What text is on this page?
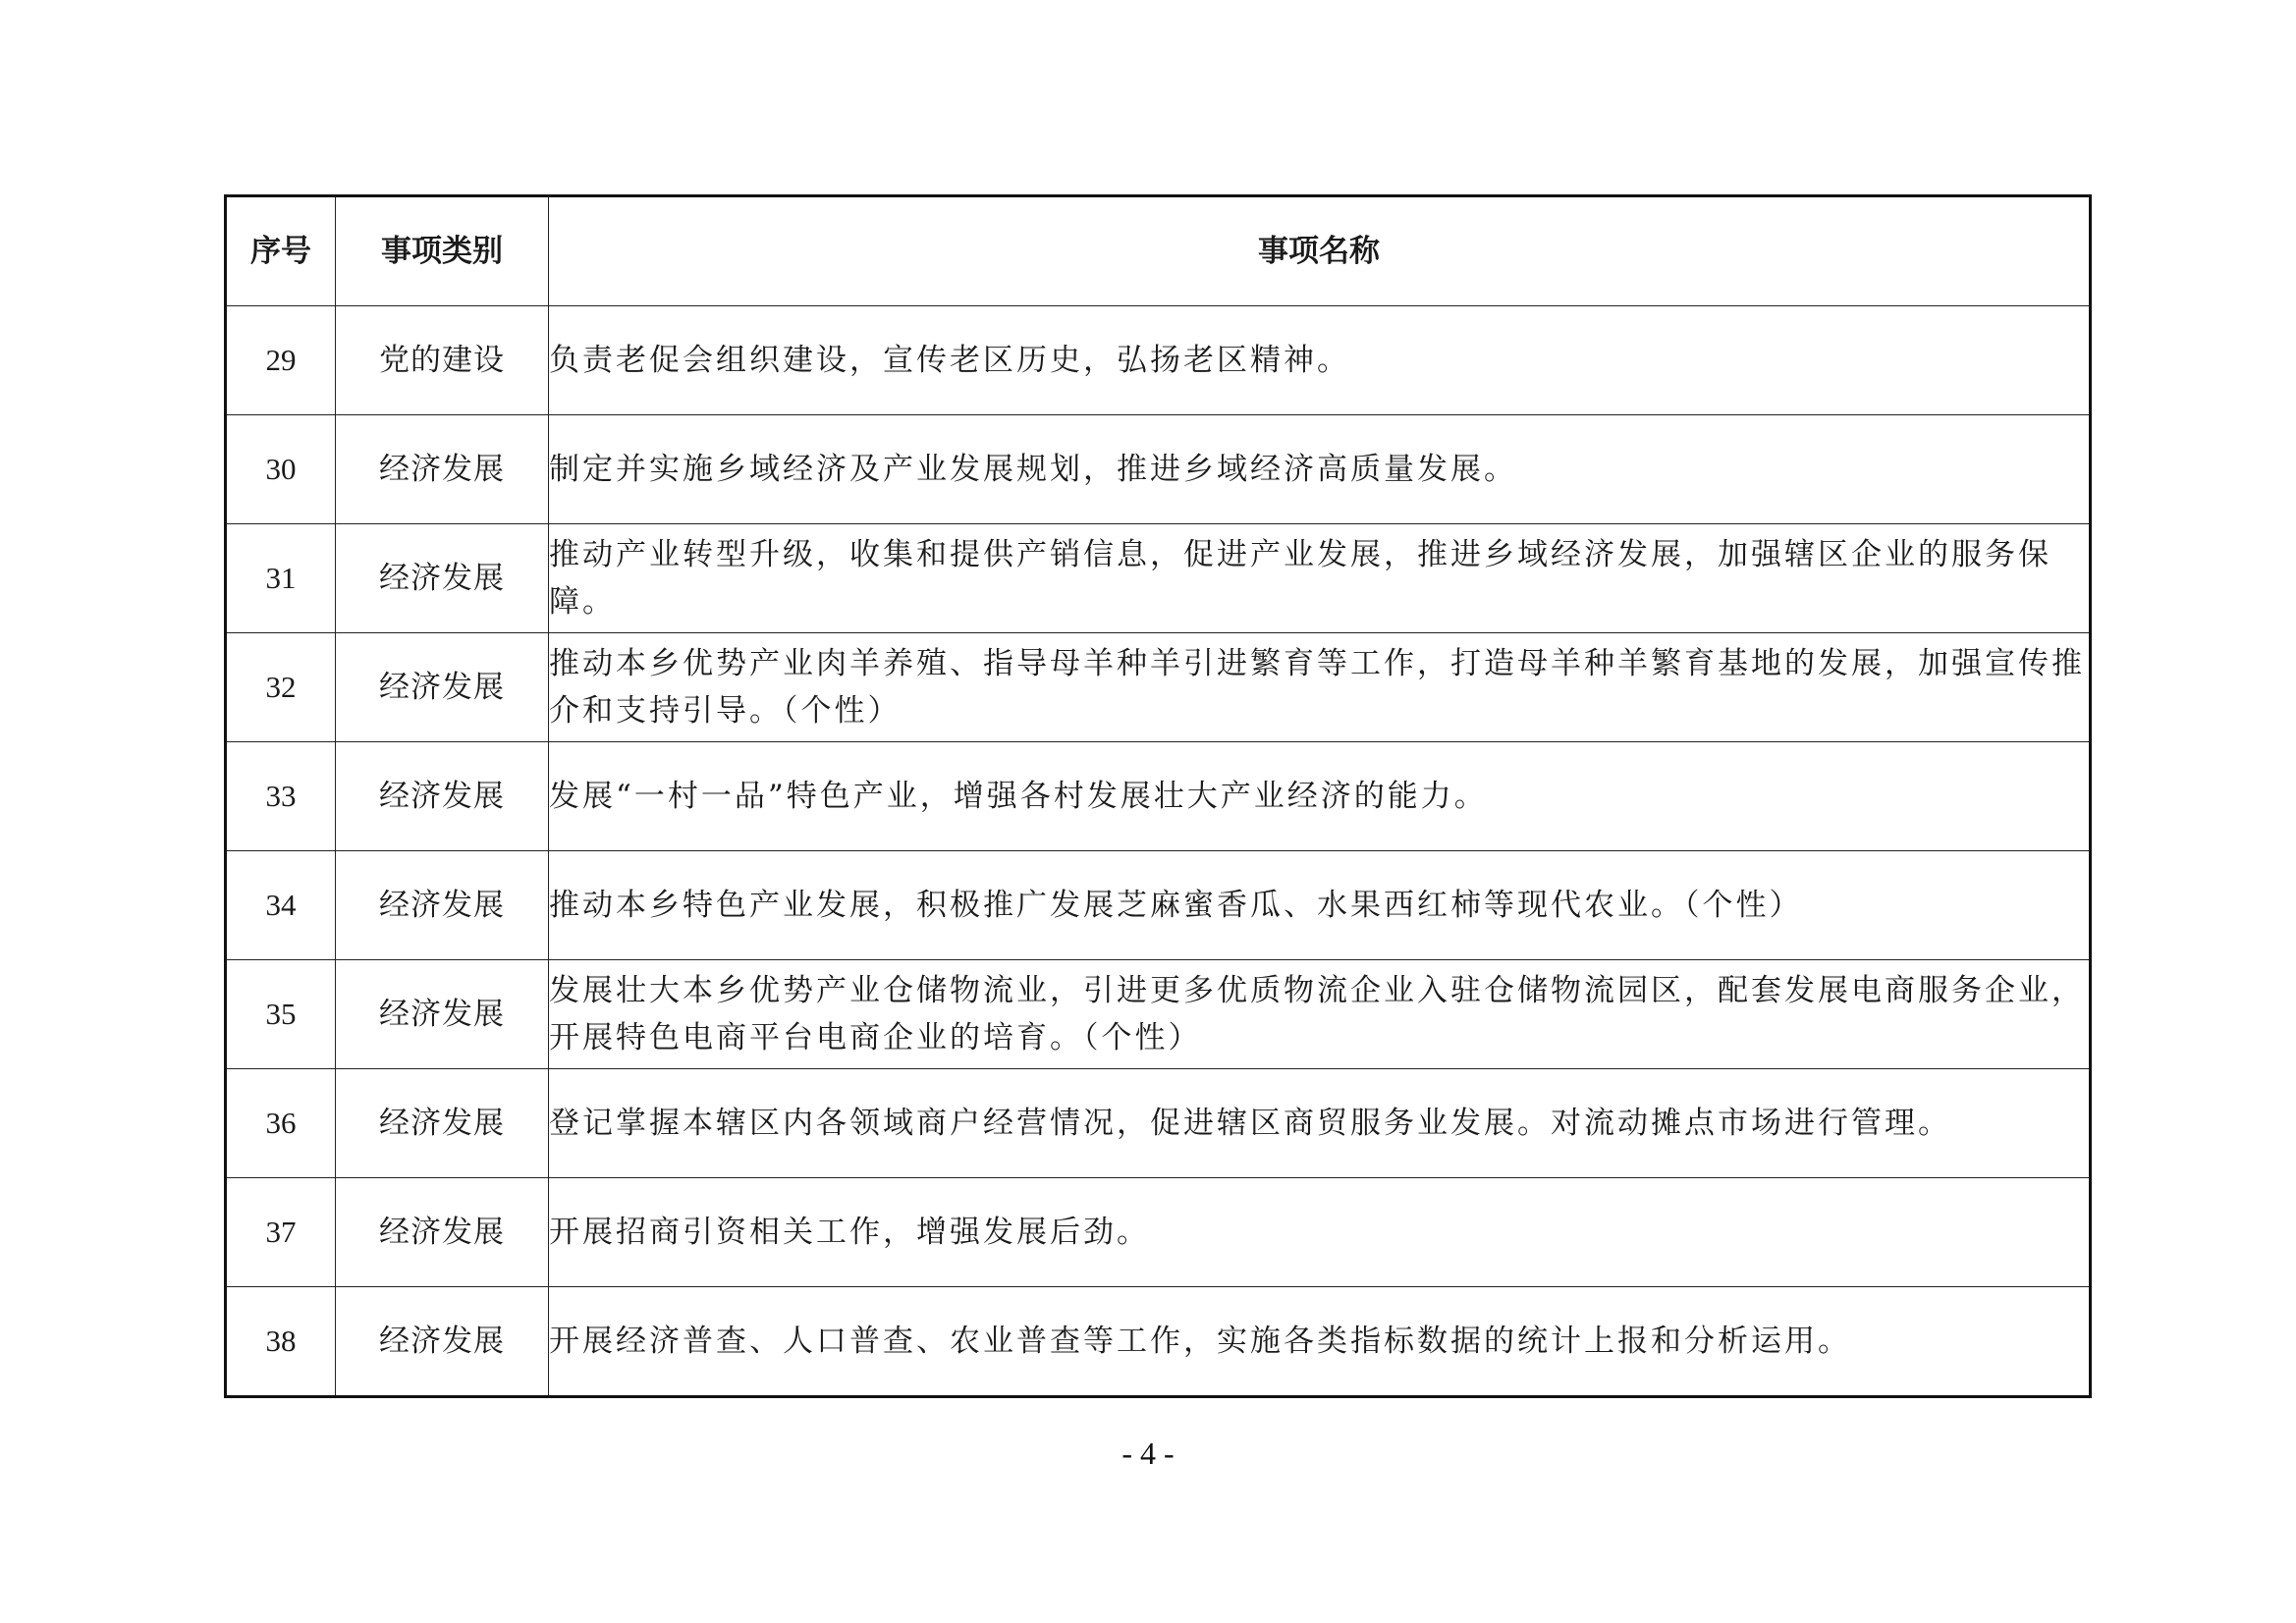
序号	事项类别	事项名称
29	党的建设	负责老促会组织建设，宣传老区历史，弘扬老区精神。
30	经济发展	制定并实施乡域经济及产业发展规划，推进乡域经济高质量发展。
31	经济发展	推动产业转型升级，收集和提供产销信息，促进产业发展，推进乡域经济发展，加强辖区企业的服务保障。
32	经济发展	推动本乡优势产业肉羊养殖、指导母羊种羊引进繁育等工作，打造母羊种羊繁育基地的发展，加强宣传推介和支持引导。（个性）
33	经济发展	发展“一村一品”特色产业，增强各村发展壮大产业经济的能力。
34	经济发展	推动本乡特色产业发展，积极推广发展芝麻蜜香瓜、水果西红柿等现代农业。（个性）
35	经济发展	发展壮大本乡优势产业仓储物流业，引进更多优质物流企业入驻仓储物流园区，配套发展电商服务企业，开展特色电商平台电商企业的培育。（个性）
36	经济发展	登记掌握本辖区内各领域商户经营情况，促进辖区商贸服务业发展。对流动摊点市场进行管理。
37	经济发展	开展招商引资相关工作，增强发展后劲。
38	经济发展	开展经济普查、人口普查、农业普查等工作，实施各类指标数据的统计上报和分析运用。
- 4 -
